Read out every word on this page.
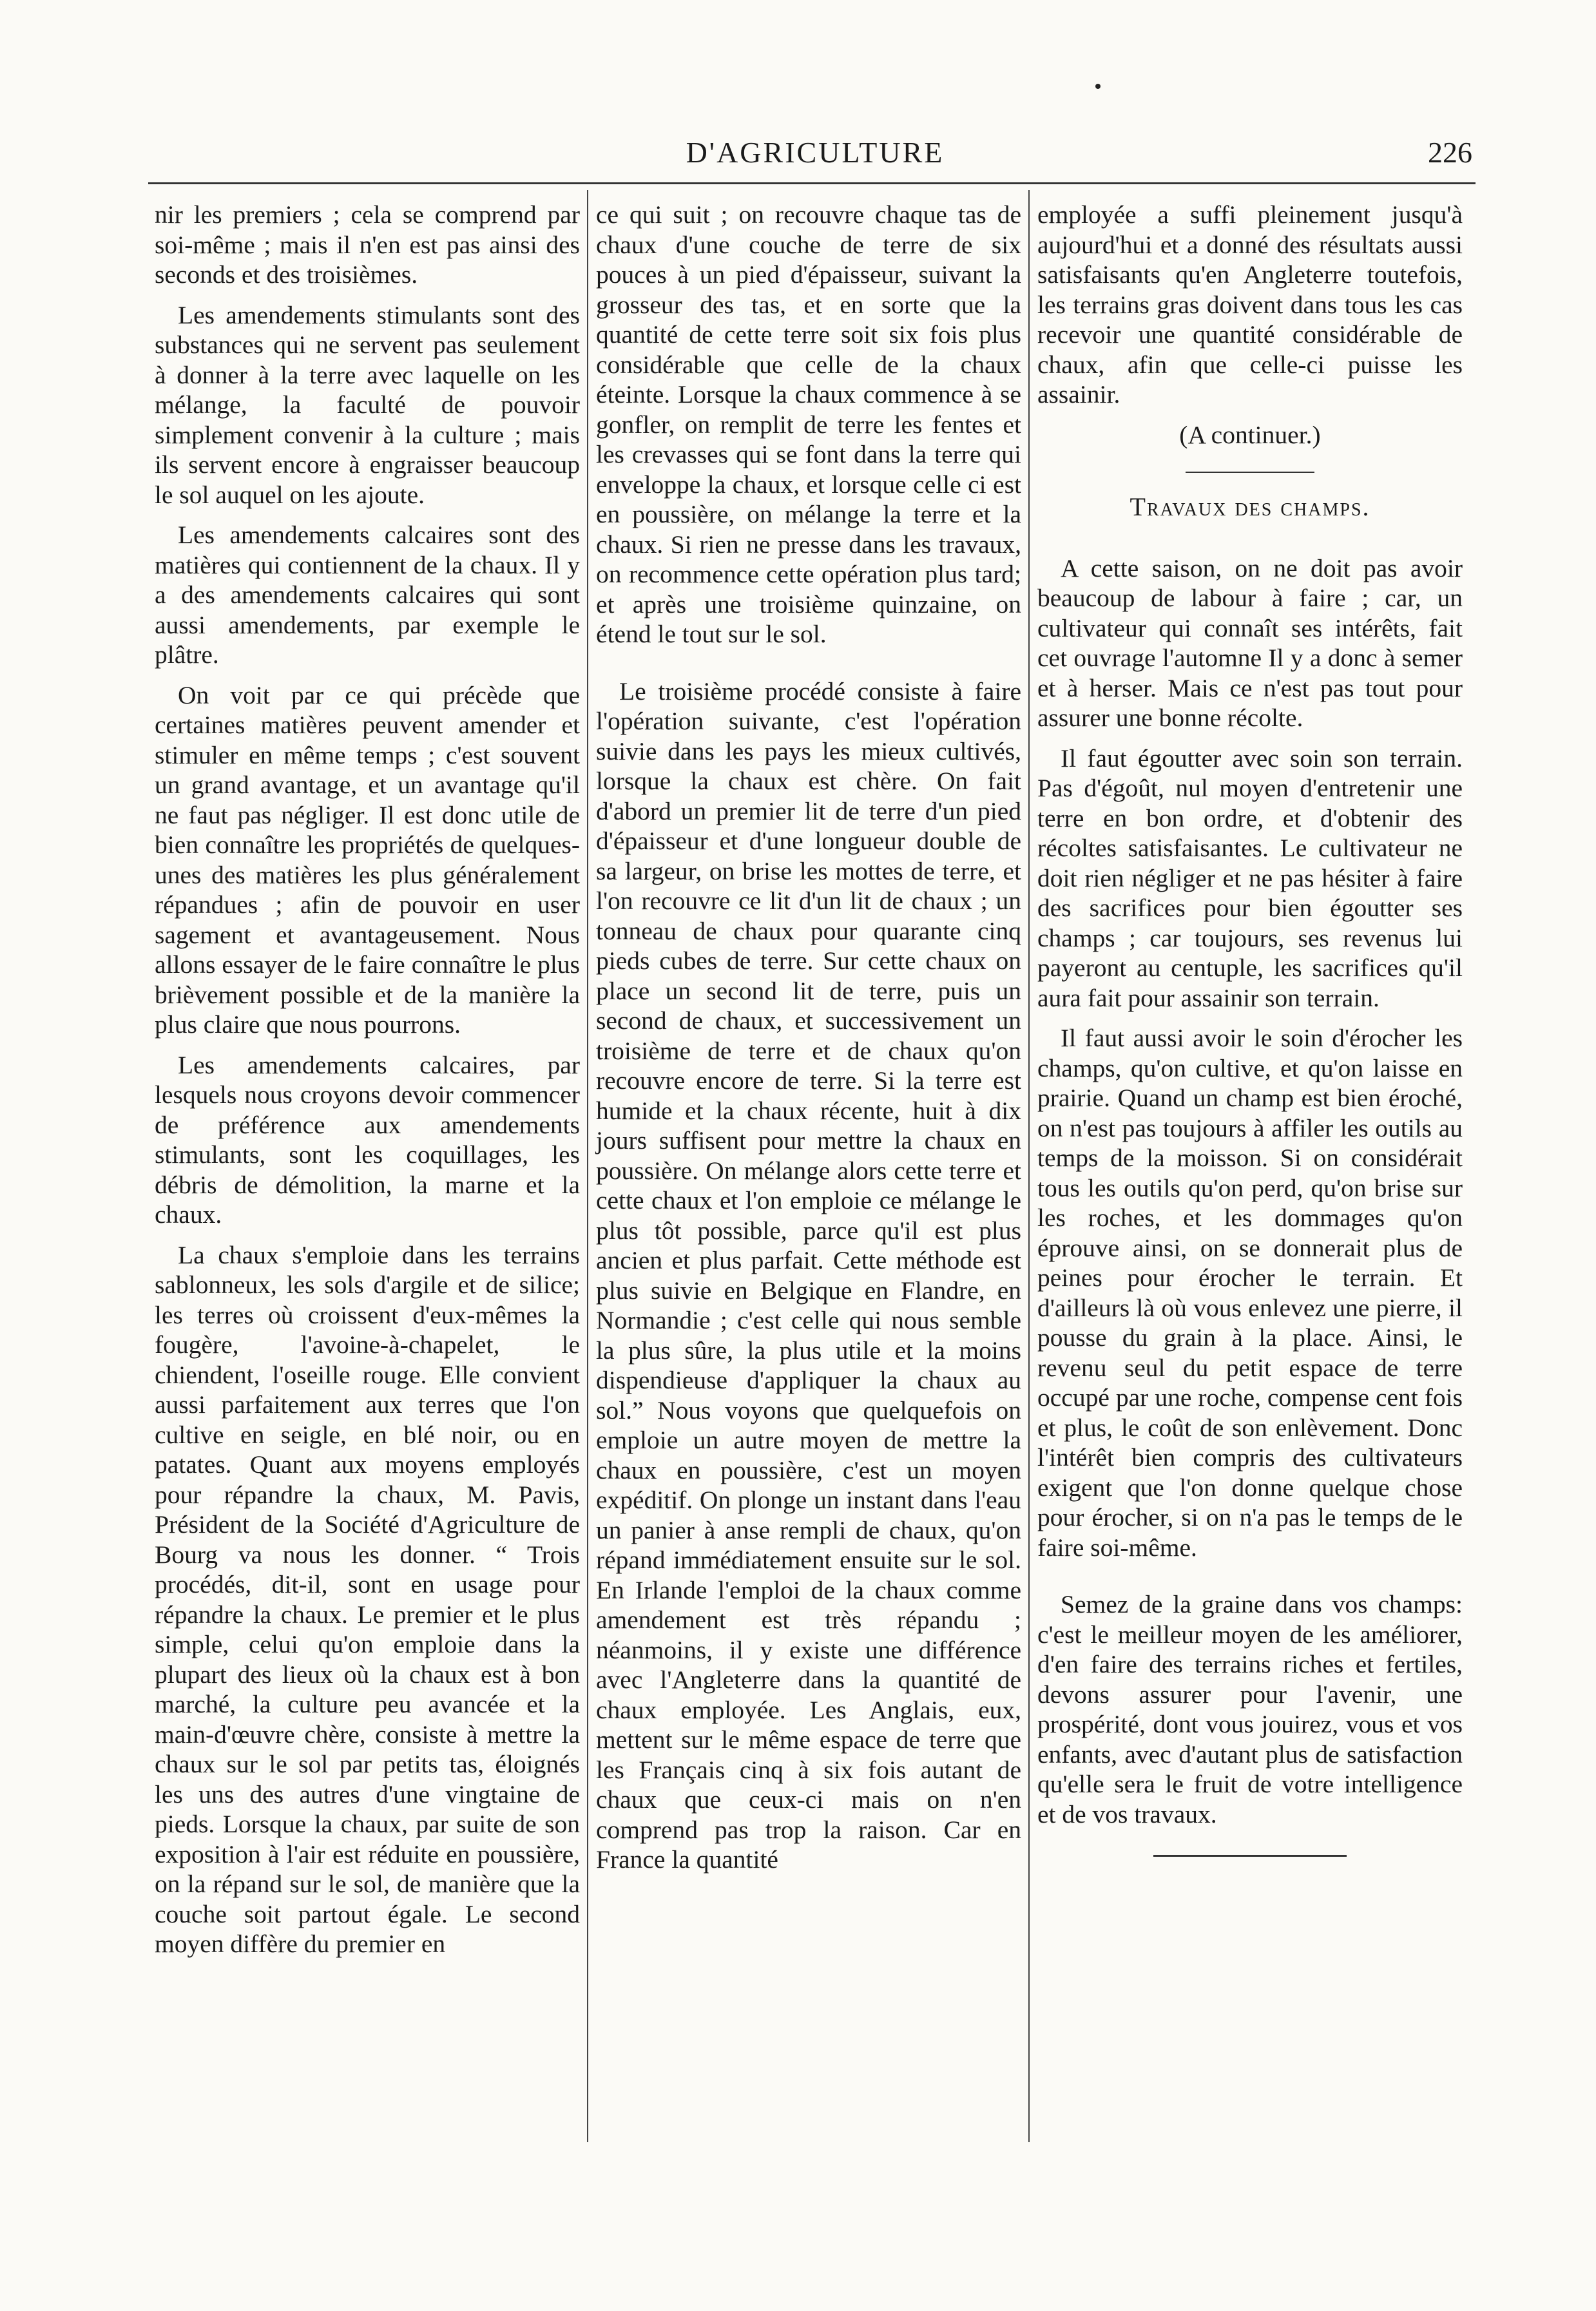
D'AGRICULTURE	226

nir les premiers ; cela se comprend par soi-même ; mais il n'en est pas ainsi des seconds et des troisièmes.

Les amendements stimulants sont des substances qui ne servent pas seulement à donner à la terre avec laquelle on les mélange, la faculté de pouvoir simplement convenir à la culture ; mais ils servent encore à engraisser beaucoup le sol auquel on les ajoute.

Les amendements calcaires sont des matières qui contiennent de la chaux. Il y a des amendements calcaires qui sont aussi amendements, par exemple le plâtre.

On voit par ce qui précède que certaines matières peuvent amender et stimuler en même temps ; c'est souvent un grand avantage, et un avantage qu'il ne faut pas négliger. Il est donc utile de bien connaître les propriétés de quelques-unes des matières les plus généralement répandues ; afin de pouvoir en user sagement et avantageusement. Nous allons essayer de le faire connaître le plus brièvement possible et de la manière la plus claire que nous pourrons.

Les amendements calcaires, par lesquels nous croyons devoir commencer de préférence aux amendements stimulants, sont les coquillages, les débris de démolition, la marne et la chaux.

La chaux s'emploie dans les terrains sablonneux, les sols d'argile et de silice; les terres où croissent d'eux-mêmes la fougère, l'avoine-à-chapelet, le chiendent, l'oseille rouge. Elle convient aussi parfaitement aux terres que l'on cultive en seigle, en blé noir, ou en patates. Quant aux moyens employés pour répandre la chaux, M. Pavis, Président de la Société d'Agriculture de Bourg va nous les donner. “ Trois procédés, dit-il, sont en usage pour répandre la chaux. Le premier et le plus simple, celui qu'on emploie dans la plupart des lieux où la chaux est à bon marché, la culture peu avancée et la main-d'œuvre chère, consiste à mettre la chaux sur le sol par petits tas, éloignés les uns des autres d'une vingtaine de pieds. Lorsque la chaux, par suite de son exposition à l'air est réduite en poussière, on la répand sur le sol, de manière que la couche soit partout égale. Le second moyen diffère du premier en

ce qui suit ; on recouvre chaque tas de chaux d'une couche de terre de six pouces à un pied d'épaisseur, suivant la grosseur des tas, et en sorte que la quantité de cette terre soit six fois plus considérable que celle de la chaux éteinte. Lorsque la chaux commence à se gonfler, on remplit de terre les fentes et les crevasses qui se font dans la terre qui enveloppe la chaux, et lorsque celle ci est en poussière, on mélange la terre et la chaux. Si rien ne presse dans les travaux, on recommence cette opération plus tard; et après une troisième quinzaine, on étend le tout sur le sol.

Le troisième procédé consiste à faire l'opération suivante, c'est l'opération suivie dans les pays les mieux cultivés, lorsque la chaux est chère. On fait d'abord un premier lit de terre d'un pied d'épaisseur et d'une longueur double de sa largeur, on brise les mottes de terre, et l'on recouvre ce lit d'un lit de chaux ; un tonneau de chaux pour quarante cinq pieds cubes de terre. Sur cette chaux on place un second lit de terre, puis un second de chaux, et successivement un troisième de terre et de chaux qu'on recouvre encore de terre. Si la terre est humide et la chaux récente, huit à dix jours suffisent pour mettre la chaux en poussière. On mélange alors cette terre et cette chaux et l'on emploie ce mélange le plus tôt possible, parce qu'il est plus ancien et plus parfait. Cette méthode est plus suivie en Belgique en Flandre, en Normandie ; c'est celle qui nous semble la plus sûre, la plus utile et la moins dispendieuse d'appliquer la chaux au sol.” Nous voyons que quelquefois on emploie un autre moyen de mettre la chaux en poussière, c'est un moyen expéditif. On plonge un instant dans l'eau un panier à anse rempli de chaux, qu'on répand immédiatement ensuite sur le sol. En Irlande l'emploi de la chaux comme amendement est très répandu ; néanmoins, il y existe une différence avec l'Angleterre dans la quantité de chaux employée. Les Anglais, eux, mettent sur le même espace de terre que les Français cinq à six fois autant de chaux que ceux-ci mais on n'en comprend pas trop la raison. Car en France la quantité

employée a suffi pleinement jusqu'à aujourd'hui et a donné des résultats aussi satisfaisants qu'en Angleterre toutefois, les terrains gras doivent dans tous les cas recevoir une quantité considérable de chaux, afin que celle-ci puisse les assainir.

(A continuer.)
Travaux des champs.

A cette saison, on ne doit pas avoir beaucoup de labour à faire ; car, un cultivateur qui connaît ses intérêts, fait cet ouvrage l'automne Il y a donc à semer et à herser. Mais ce n'est pas tout pour assurer une bonne récolte.

Il faut égoutter avec soin son terrain. Pas d'égoût, nul moyen d'entretenir une terre en bon ordre, et d'obtenir des récoltes satisfaisantes. Le cultivateur ne doit rien négliger et ne pas hésiter à faire des sacrifices pour bien égoutter ses champs ; car toujours, ses revenus lui payeront au centuple, les sacrifices qu'il aura fait pour assainir son terrain.

Il faut aussi avoir le soin d'érocher les champs, qu'on cultive, et qu'on laisse en prairie. Quand un champ est bien éroché, on n'est pas toujours à affiler les outils au temps de la moisson. Si on considérait tous les outils qu'on perd, qu'on brise sur les roches, et les dommages qu'on éprouve ainsi, on se donnerait plus de peines pour érocher le terrain. Et d'ailleurs là où vous enlevez une pierre, il pousse du grain à la place. Ainsi, le revenu seul du petit espace de terre occupé par une roche, compense cent fois et plus, le coût de son enlèvement. Donc l'intérêt bien compris des cultivateurs exigent que l'on donne quelque chose pour érocher, si on n'a pas le temps de le faire soi-même.

Semez de la graine dans vos champs: c'est le meilleur moyen de les améliorer, d'en faire des terrains riches et fertiles, devons assurer pour l'avenir, une prospérité, dont vous jouirez, vous et vos enfants, avec d'autant plus de satisfaction qu'elle sera le fruit de votre intelligence et de vos travaux.
